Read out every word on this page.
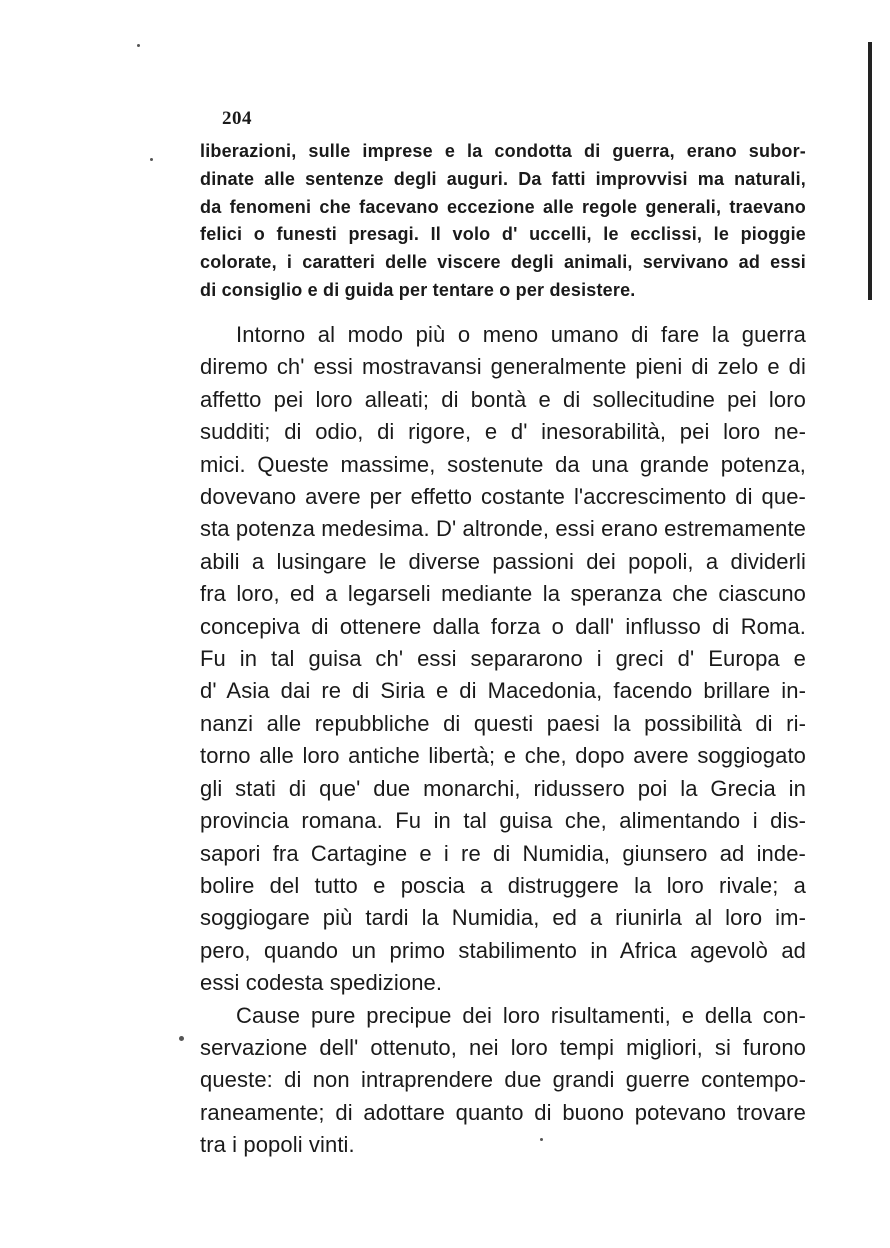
204
liberazioni, sulle imprese e la condotta di guerra, erano subor-
dinate alle sentenze degli auguri. Da fatti improvvisi ma naturali,
da fenomeni che facevano eccezione alle regole generali, traevano
felici o funesti presagi. Il volo d' uccelli, le ecclissi, le pioggie
colorate, i caratteri delle viscere degli animali, servivano ad essi
di consiglio e di guida per tentare o per desistere.
Intorno al modo più o meno umano di fare la guerra
diremo ch' essi mostravansi generalmente pieni di zelo e di
affetto pei loro alleati; di bontà e di sollecitudine pei loro
sudditi; di odio, di rigore, e d' inesorabilità, pei loro ne-
mici. Queste massime, sostenute da una grande potenza,
dovevano avere per effetto costante l'accrescimento di que-
sta potenza medesima. D' altronde, essi erano estremamente
abili a lusingare le diverse passioni dei popoli, a dividerli
fra loro, ed a legarseli mediante la speranza che ciascuno
concepiva di ottenere dalla forza o dall' influsso di Roma.
Fu in tal guisa ch' essi separarono i greci d' Europa e
d' Asia dai re di Siria e di Macedonia, facendo brillare in-
nanzi alle repubbliche di questi paesi la possibilità di ri-
torno alle loro antiche libertà; e che, dopo avere soggiogato
gli stati di que' due monarchi, ridussero poi la Grecia in
provincia romana. Fu in tal guisa che, alimentando i dis-
sapori fra Cartagine e i re di Numidia, giunsero ad inde-
bolire del tutto e poscia a distruggere la loro rivale; a
soggiogare più tardi la Numidia, ed a riunirla al loro im-
pero, quando un primo stabilimento in Africa agevolò ad
essi codesta spedizione.
Cause pure precipue dei loro risultamenti, e della con-
servazione dell' ottenuto, nei loro tempi migliori, si furono
queste: di non intraprendere due grandi guerre contempo-
raneamente; di adottare quanto di buono potevano trovare
tra i popoli vinti.
